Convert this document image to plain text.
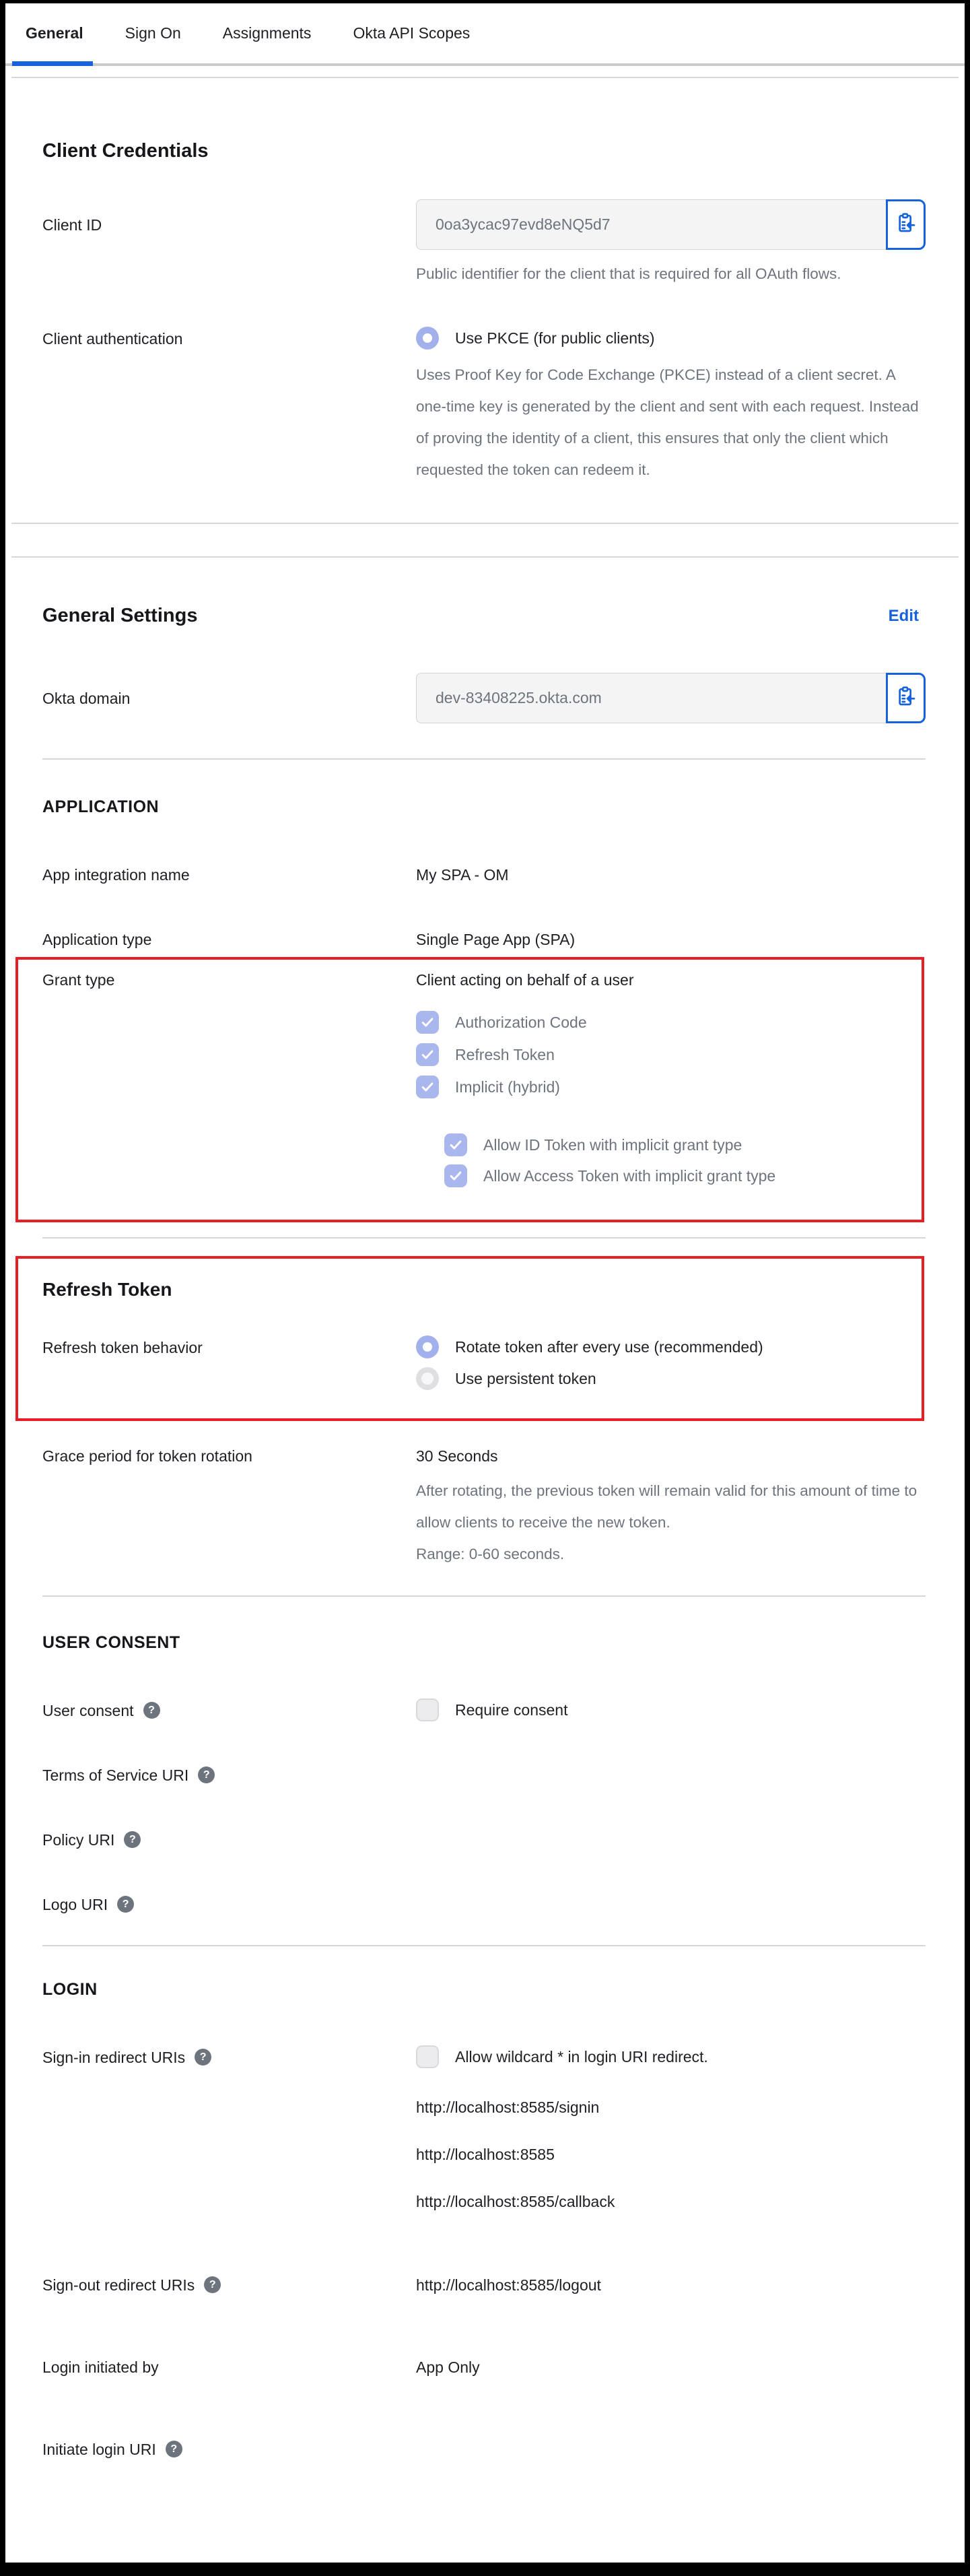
General	Sign On	Assignments	Okta API Scopes
Client Credentials
Client ID	0oa3ycac97evd8eNQ5d7
Public identifier for the client that is required for all OAuth flows.
Client authentication	Use PKCE (for public clients)
Uses Proof Key for Code Exchange (PKCE) instead of a client secret. A one-time key is generated by the client and sent with each request. Instead of proving the identity of a client, this ensures that only the client which requested the token can redeem it.
General Settings	Edit
Okta domain	dev-83408225.okta.com
APPLICATION
App integration name	My SPA - OM
Application type	Single Page App (SPA)
Grant type	Client acting on behalf of a user
Authorization Code
Refresh Token
Implicit (hybrid)
Allow ID Token with implicit grant type
Allow Access Token with implicit grant type
Refresh Token
Refresh token behavior	Rotate token after every use (recommended)
Use persistent token
Grace period for token rotation	30 Seconds
After rotating, the previous token will remain valid for this amount of time to allow clients to receive the new token.
Range: 0-60 seconds.
USER CONSENT
User consent ?	Require consent
Terms of Service URI ?
Policy URI ?
Logo URI ?
LOGIN
Sign-in redirect URIs ?	Allow wildcard * in login URI redirect.
http://localhost:8585/signin
http://localhost:8585
http://localhost:8585/callback
Sign-out redirect URIs ?	http://localhost:8585/logout
Login initiated by	App Only
Initiate login URI ?
